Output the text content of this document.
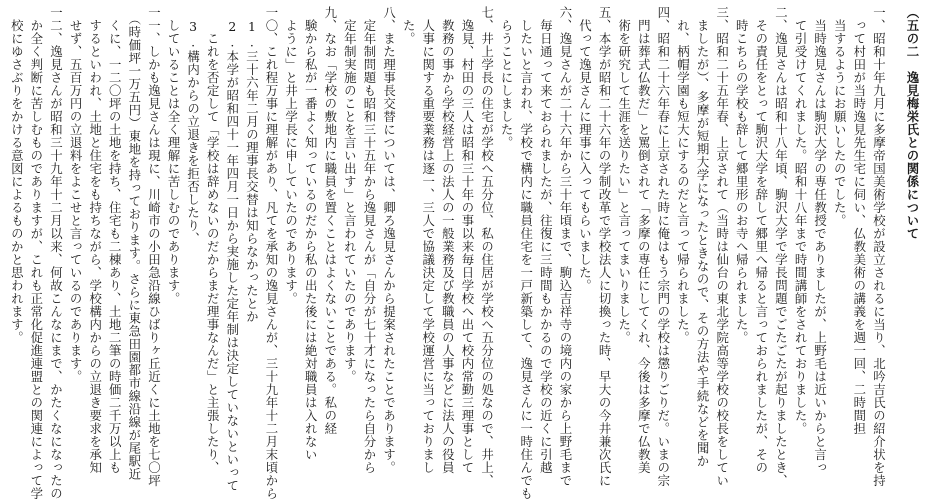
（五の二　逸見梅栄氏との関係について
一、昭和十年九月に多摩帝国美術学校が設立されるに当り、北吟吉氏の紹介状を持
　って村田が当時逸見先生宅に伺い、仏教美術の講義を週一回、二時間担
　当するようにお願いしたのでした。
　当時逸見さんは駒沢大学の専任教授でありましたが、上野毛は近いからと言っ
　て引受けてくれました。昭和十八年まで時間講師をされておりました。
二、逸見さんは昭和十八年頃、駒沢大学で学長問題でごたごたが起りましたとき、
　その責任をとって駒沢大学を辞して郷里へ帰ると言っておられましたが、その
　時こちらの学校も辞して郷里形のお寺へ帰られました。
三、昭和二十五年春、上京されて（当時は仙台の東北学院高等学校の校長をしてい
　ましたが）、多摩が短期大学になったときなので、その方法や手続などを聞か
　れ、柄帽学園も短大にするのだと言って帰られました。
四、昭和二十六年春に上京された時に俺はもう宗門の学校は懲りごりだ。いまの宗
　門は葬式仏教だ」と罵倒されて「多摩の専任にしてくれ、今後は多摩で仏教美
　術を研究して生涯を送りたい」と言ってまいりました。
五、本学が昭和二十六年の学制改革で学校法人に切換った時、早大の今井兼次氏に
　代って逸見さんに理事に入ってもらいました。
六、逸見さんが二十六年から三十年頃まで、駒込吉祥寺の境内の家から上野毛まで
　毎日通って来ておられましたが、往復に三時間もかかるので学校の近くに引越
　したいと言われ、学校で構内に職員住宅を一戸新築して、逸見さんに一時住んでも
　らうことにしました。
七、井上学長の住宅が学校へ五分位、私の住居が学校へ五分位の処なので、井上、
　逸見、村田の三人は昭和三十年の事以来毎日学校へ出て校内常勤三理事として
　教務の事から学校経営上の法人の一般業務及び教職員の人事などに法人の役員
　人事に関する重要業務は逐一、三人で協議決定して学校運営に当っておりまし
　た。
八、また理事長交替については、卿ろ逸見さんから提案されたことであります。
　定年制問題も昭和三十五年から逸見さんが「自分が七十才になったら自分から
　定年制実施のことを言い出す」と言われていたのであります。
九、なお「学校の敷地内に職員を置くことはよくないことである。私の経
　験から私が一番よく知っているのだから私の出た後には絶対職員は入れない
　ように」と井上学長に申していたのであります。
一〇、これ程万事に理解があり、凡てを承知の逸見さんが、三十九年十二月末頃から
　1.三十六年二月の理事長交替は知らなかったとか
　2.本学が昭和四十一年四月一日から実施した定年制は決定していないといって
　　これを否定して「学校は辞めないのだからまだ理事なんだ」と主張したり、
　3.構内からの立退きを拒否したり、
　していることは全く理解に苦しむのであります。
一一、しかも逸見さんは現に、川崎市の小田急沿線ひばりヶ丘近くに土地を七〇坪
　（時価坪一万五円）東地を持っております。さらに東急田園都市線沿線が尾駅近
　くに、一二〇坪の土地を持ち、住宅も二棟あり、土地二筆の時価二千万以上も
　するといわれ、土地と住宅をも持ちながら、学校構内からの立退き要求を承知
　せず、五百万円の立退料をよこせと言っているのであります。
一二、逸見さんが昭和三十九年十二月以来、何故こんなにまで、かたくなになったの
　か全く判断に苦しむものでありますが、これも正常化促進連盟との関連によって学
　校にゆさぶりをかける意図によるものかと思われます。
